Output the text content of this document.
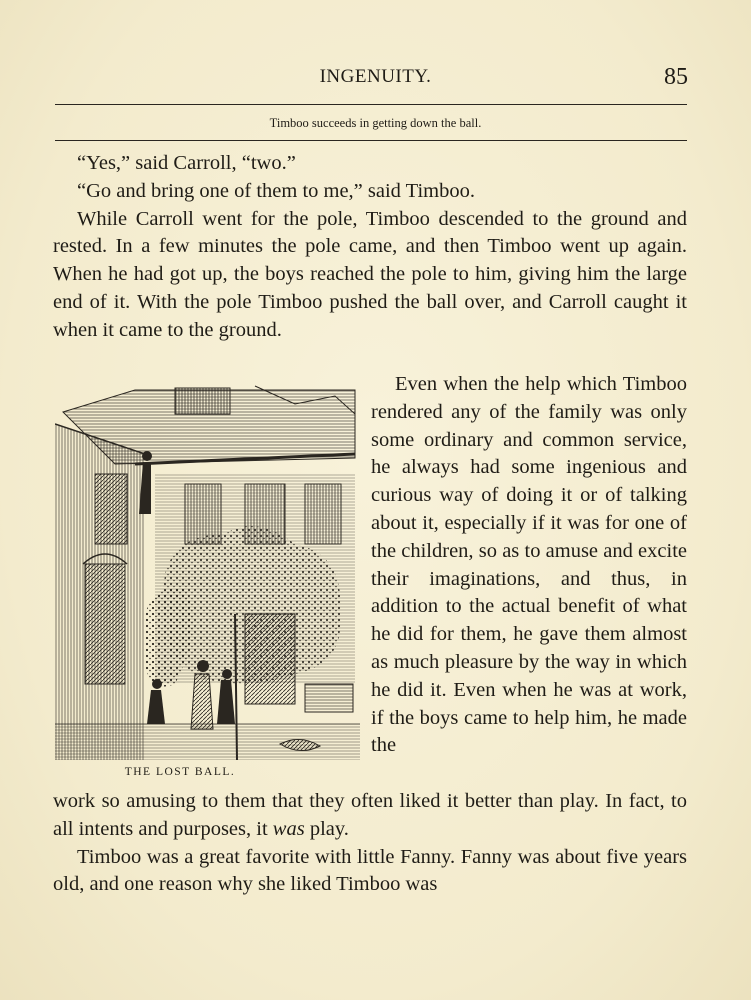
INGENUITY.	85
Timboo succeeds in getting down the ball.

“Yes,” said Carroll, “two.”

“Go and bring one of them to me,” said Timboo.

While Carroll went for the pole, Timboo descended to the ground and rested. In a few minutes the pole came, and then Timboo went up again. When he had got up, the boys reached the pole to him, giving him the large end of it. With the pole Timboo pushed the ball over, and Carroll caught it when it came to the ground.

Even when the help which Timboo rendered any of the family was only some ordinary and common service, he always had some ingenious and curious way of doing it or of talking about it, especially if it was for one of the children, so as to amuse and excite their imaginations, and thus, in addition to the actual benefit of what he did for them, he gave them almost as much pleasure by the way in which he did it. Even when he was at work, if the boys came to help him, he made the

THE LOST BALL.

work so amusing to them that they often liked it better than play. In fact, to all intents and purposes, it was play.

Timboo was a great favorite with little Fanny. Fanny was about five years old, and one reason why she liked Timboo was
